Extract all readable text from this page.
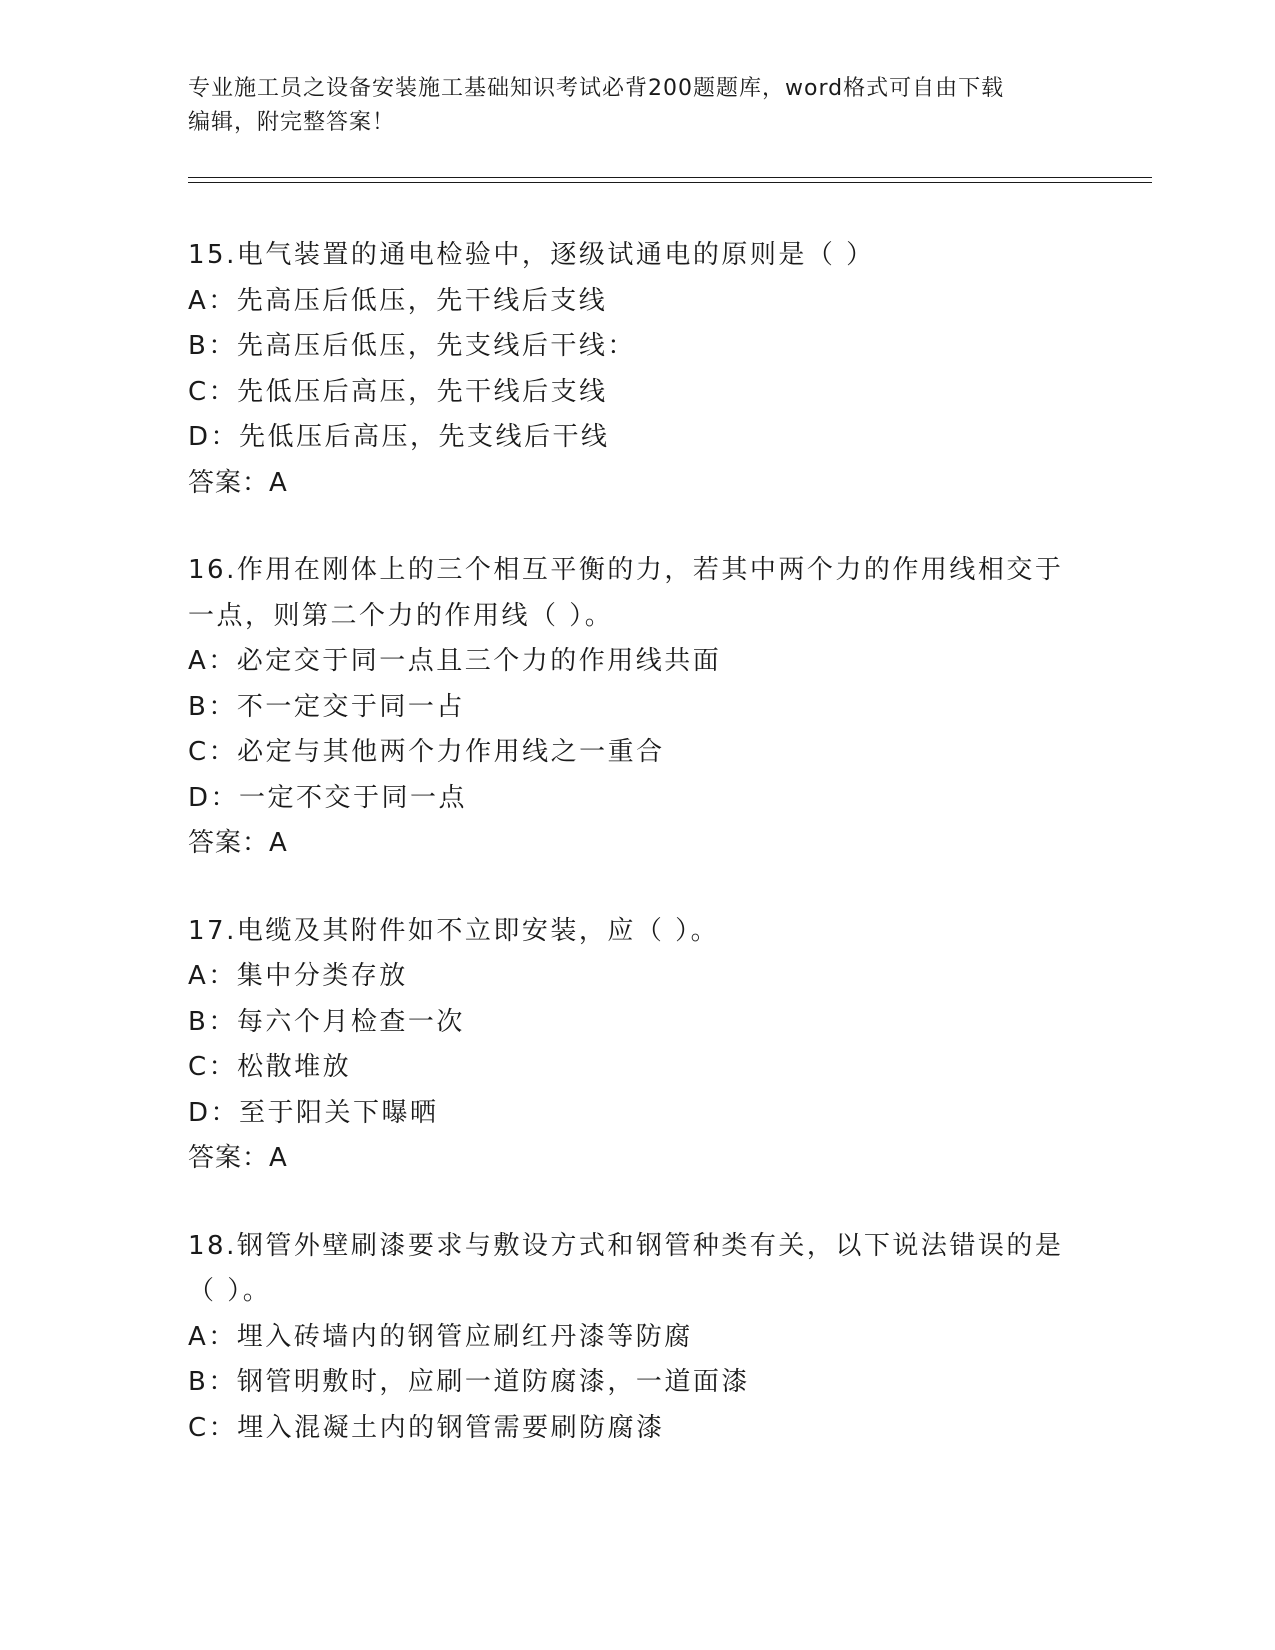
专业施工员之设备安装施工基础知识考试必背200题题库，word格式可自由下载
编辑，附完整答案！
15.电气装置的通电检验中，逐级试通电的原则是（ ）
A：先高压后低压，先干线后支线
B：先高压后低压，先支线后干线：
C：先低压后高压，先干线后支线
D：先低压后高压，先支线后干线
答案：A
16.作用在刚体上的三个相互平衡的力，若其中两个力的作用线相交于一点，则第二个力的作用线（ ）。
A：必定交于同一点且三个力的作用线共面
B：不一定交于同一占
C：必定与其他两个力作用线之一重合
D：一定不交于同一点
答案：A
17.电缆及其附件如不立即安装，应（ ）。
A：集中分类存放
B：每六个月检查一次
C：松散堆放
D：至于阳关下曝晒
答案：A
18.钢管外壁刷漆要求与敷设方式和钢管种类有关，以下说法错误的是（ ）。
A：埋入砖墙内的钢管应刷红丹漆等防腐
B：钢管明敷时，应刷一道防腐漆，一道面漆
C：埋入混凝土内的钢管需要刷防腐漆
